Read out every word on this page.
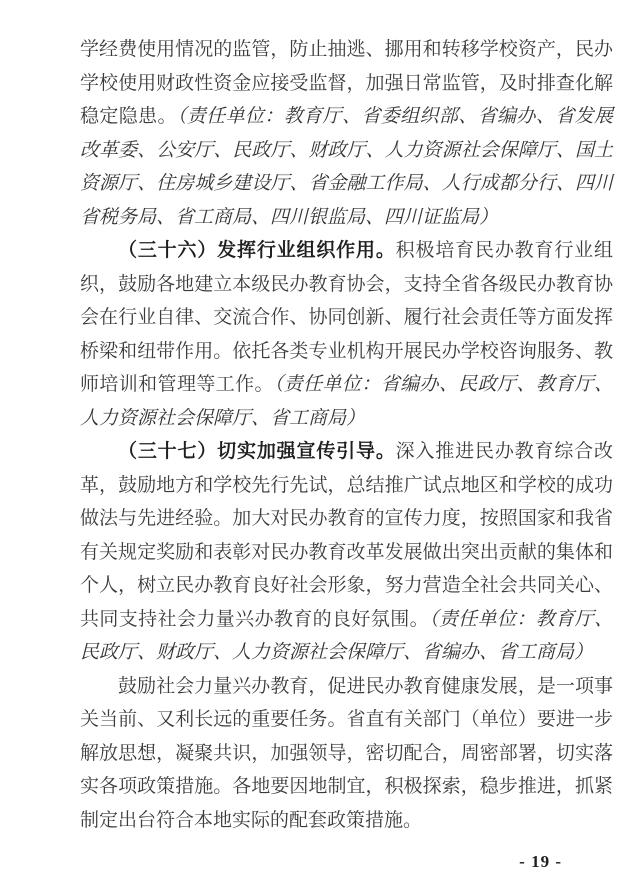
学经费使用情况的监管，防止抽逃、挪用和转移学校资产，民办学校使用财政性资金应接受监督，加强日常监管，及时排查化解稳定隐患。（责任单位：教育厅、省委组织部、省编办、省发展改革委、公安厅、民政厅、财政厅、人力资源社会保障厅、国土资源厅、住房城乡建设厅、省金融工作局、人行成都分行、四川省税务局、省工商局、四川银监局、四川证监局）

（三十六）发挥行业组织作用。积极培育民办教育行业组织，鼓励各地建立本级民办教育协会，支持全省各级民办教育协会在行业自律、交流合作、协同创新、履行社会责任等方面发挥桥梁和纽带作用。依托各类专业机构开展民办学校咨询服务、教师培训和管理等工作。（责任单位：省编办、民政厅、教育厅、人力资源社会保障厅、省工商局）

（三十七）切实加强宣传引导。深入推进民办教育综合改革，鼓励地方和学校先行先试，总结推广试点地区和学校的成功做法与先进经验。加大对民办教育的宣传力度，按照国家和我省有关规定奖励和表彰对民办教育改革发展做出突出贡献的集体和个人，树立民办教育良好社会形象，努力营造全社会共同关心、共同支持社会力量兴办教育的良好氛围。（责任单位：教育厅、民政厅、财政厅、人力资源社会保障厅、省编办、省工商局）

鼓励社会力量兴办教育，促进民办教育健康发展，是一项事关当前、又利长远的重要任务。省直有关部门（单位）要进一步解放思想，凝聚共识，加强领导，密切配合，周密部署，切实落实各项政策措施。各地要因地制宜，积极探索，稳步推进，抓紧制定出台符合本地实际的配套政策措施。

- 19 -
